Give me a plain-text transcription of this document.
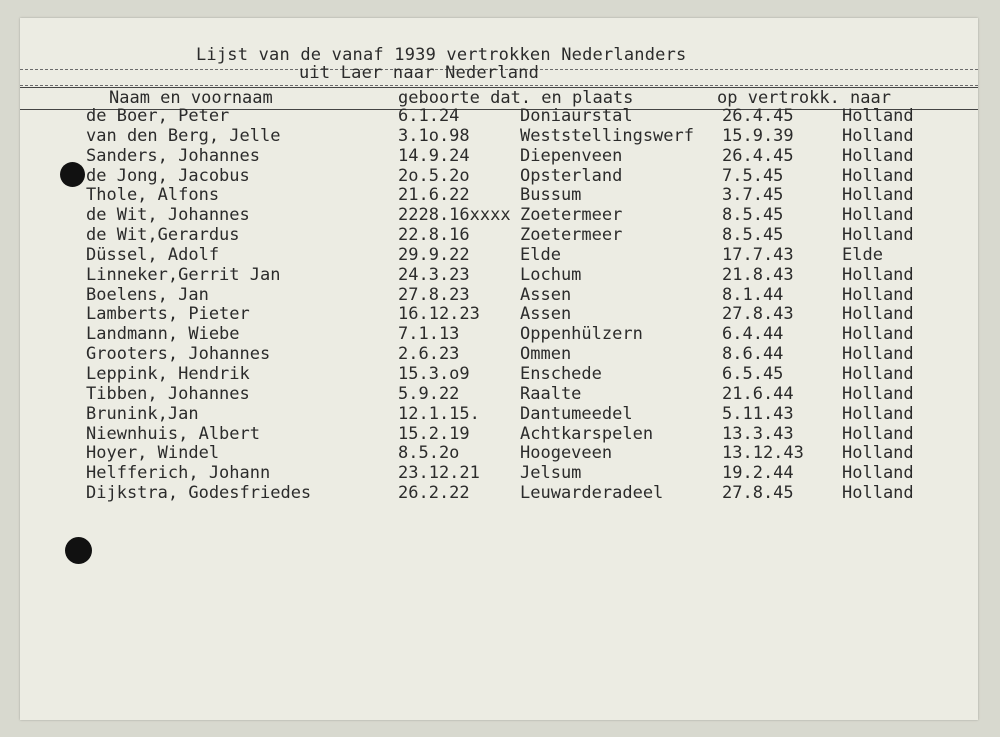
Lijst van de vanaf 1939 vertrokken Nederlanders
uit Laer naar Nederland
Naam en voornaam	geboorte dat. en plaats	op vertrokk. naar
de Boer, Peter	6.1.24	Doniaurstal	26.4.45	Holland
van den Berg, Jelle	3.1o.98	Weststellingswerf 15.9.39	Holland
Sanders, Johannes	14.9.24	Diepenveen	26.4.45	Holland
de Jong, Jacobus	2o.5.2o	Opsterland	7.5.45	Holland
Thole, Alfons	21.6.22	Bussum	3.7.45	Holland
de Wit, Johannes	2228.16xxxx Zoetermeer	8.5.45	Holland
de Wit,Gerardus	22.8.16	Zoetermeer	8.5.45	Holland
Düssel, Adolf	29.9.22	Elde	17.7.43	Elde
Linneker,Gerrit Jan	24.3.23	Lochum	21.8.43	Holland
Boelens, Jan	27.8.23	Assen	8.1.44	Holland
Lamberts, Pieter	16.12.23 Assen	27.8.43	Holland
Landmann, Wiebe	7.1.13	Oppenhülzern	6.4.44	Holland
Grooters, Johannes	2.6.23	Ommen	8.6.44	Holland
Leppink, Hendrik	15.3.o9	Enschede	6.5.45	Holland
Tibben, Johannes	5.9.22	Raalte	21.6.44	Holland
Brunink,Jan	12.1.15. Dantumeedel	5.11.43	Holland
Niewnhuis, Albert	15.2.19	Achtkarspelen	13.3.43	Holland
Hoyer, Windel	8.5.2o	Hoogeveen	13.12.43 Holland
Helfferich, Johann	23.12.21 Jelsum	19.2.44	Holland
Dijkstra, Godesfriedes	26.2.22	Leuwarderadeel	27.8.45	Holland
